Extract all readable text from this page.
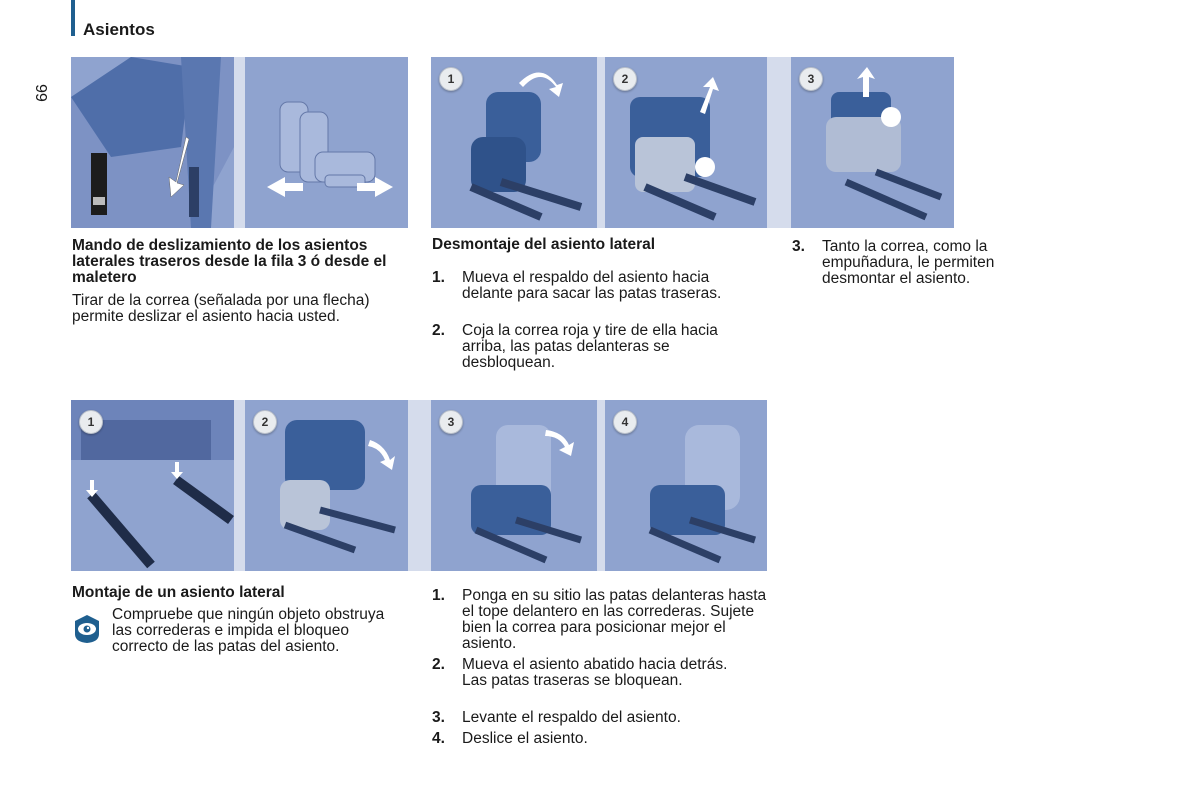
Asientos
66
1	2	3
Mando de deslizamiento de los asientos laterales traseros desde la fila 3 ó desde el maletero
Tirar de la correa (señalada por una flecha) permite deslizar el asiento hacia usted.
Desmontaje del asiento lateral
1. Mueva el respaldo del asiento hacia delante para sacar las patas traseras.
2. Coja la correa roja y tire de ella hacia arriba, las patas delanteras se desbloquean.
3. Tanto la correa, como la empuñadura, le permiten desmontar el asiento.
1	2	3	4
Montaje de un asiento lateral
Compruebe que ningún objeto obstruya las correderas e impida el bloqueo correcto de las patas del asiento.
1. Ponga en su sitio las patas delanteras hasta el tope delantero en las correderas. Sujete bien la correa para posicionar mejor el asiento.
2. Mueva el asiento abatido hacia detrás. Las patas traseras se bloquean.
3. Levante el respaldo del asiento.
4. Deslice el asiento.
